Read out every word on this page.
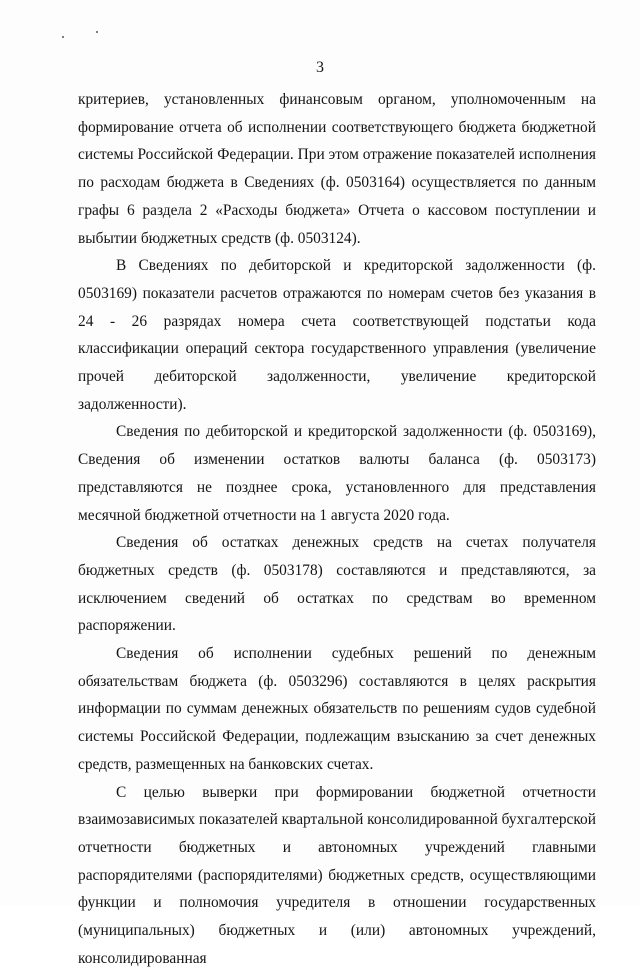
3

критериев, установленных финансовым органом, уполномоченным на формирование отчета об исполнении соответствующего бюджета бюджетной системы Российской Федерации. При этом отражение показателей исполнения по расходам бюджета в Сведениях (ф. 0503164) осуществляется по данным графы 6 раздела 2 «Расходы бюджета» Отчета о кассовом поступлении и выбытии бюджетных средств (ф. 0503124).

В Сведениях по дебиторской и кредиторской задолженности (ф. 0503169) показатели расчетов отражаются по номерам счетов без указания в 24 - 26 разрядах номера счета соответствующей подстатьи кода классификации операций сектора государственного управления (увеличение прочей дебиторской задолженности, увеличение кредиторской задолженности).

Сведения по дебиторской и кредиторской задолженности (ф. 0503169), Сведения об изменении остатков валюты баланса (ф. 0503173) представляются не позднее срока, установленного для представления месячной бюджетной отчетности на 1 августа 2020 года.

Сведения об остатках денежных средств на счетах получателя бюджетных средств (ф. 0503178) составляются и представляются, за исключением сведений об остатках по средствам во временном распоряжении.

Сведения об исполнении судебных решений по денежным обязательствам бюджета (ф. 0503296) составляются в целях раскрытия информации по суммам денежных обязательств по решениям судов судебной системы Российской Федерации, подлежащим взысканию за счет денежных средств, размещенных на банковских счетах.

С целью выверки при формировании бюджетной отчетности взаимозависимых показателей квартальной консолидированной бухгалтерской отчетности бюджетных и автономных учреждений главными распорядителями (распорядителями) бюджетных средств, осуществляющими функции и полномочия учредителя в отношении государственных (муниципальных) бюджетных и (или) автономных учреждений, консолидированная
